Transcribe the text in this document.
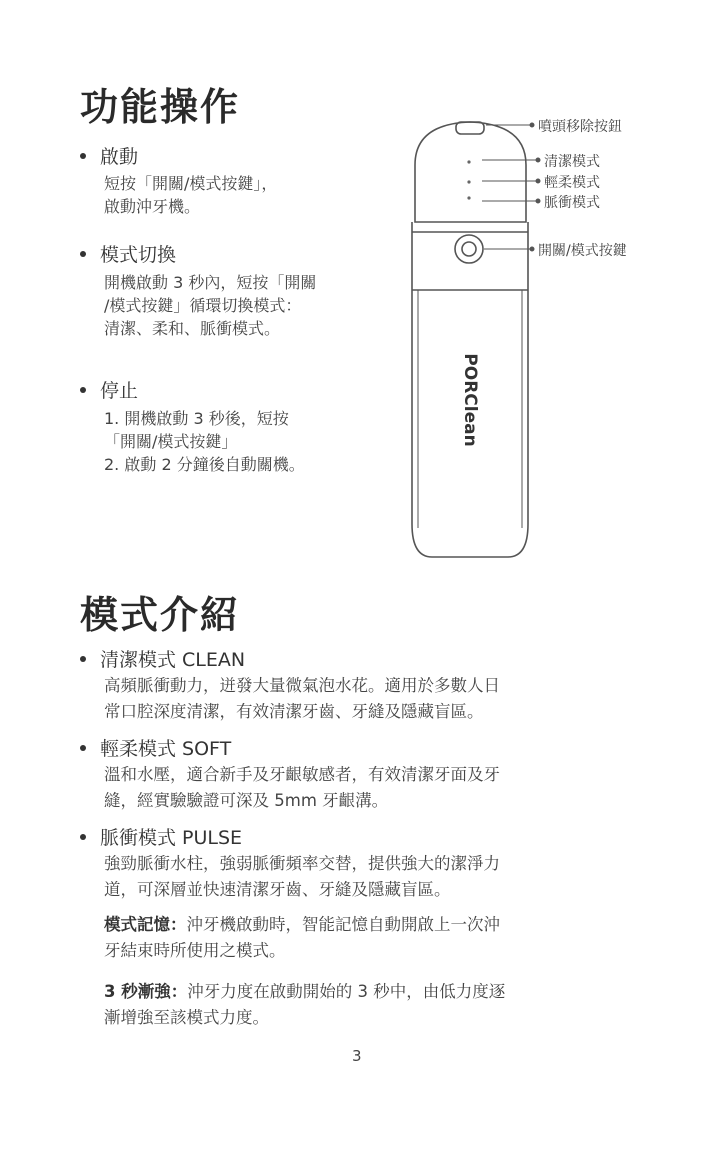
功能操作
啟動
短按「開關/模式按鍵」，
啟動沖牙機。
模式切換
開機啟動 3 秒內，短按「開關
/模式按鍵」循環切換模式：
清潔、柔和、脈衝模式。
停止
1. 開機啟動 3 秒後，短按
「開關/模式按鍵」
2. 啟動 2 分鐘後自動關機。
噴頭移除按鈕
清潔模式
輕柔模式
脈衝模式
開關/模式按鍵
PORClean
模式介紹
清潔模式 CLEAN
高頻脈衝動力，迸發大量微氣泡水花。適用於多數人日
常口腔深度清潔，有效清潔牙齒、牙縫及隱藏盲區。
輕柔模式 SOFT
溫和水壓，適合新手及牙齦敏感者，有效清潔牙面及牙
縫，經實驗驗證可深及 5mm 牙齦溝。
脈衝模式 PULSE
強勁脈衝水柱，強弱脈衝頻率交替，提供強大的潔淨力
道，可深層並快速清潔牙齒、牙縫及隱藏盲區。
模式記憶：沖牙機啟動時，智能記憶自動開啟上一次沖
牙結束時所使用之模式。
3 秒漸強：沖牙力度在啟動開始的 3 秒中，由低力度逐
漸增強至該模式力度。
3
